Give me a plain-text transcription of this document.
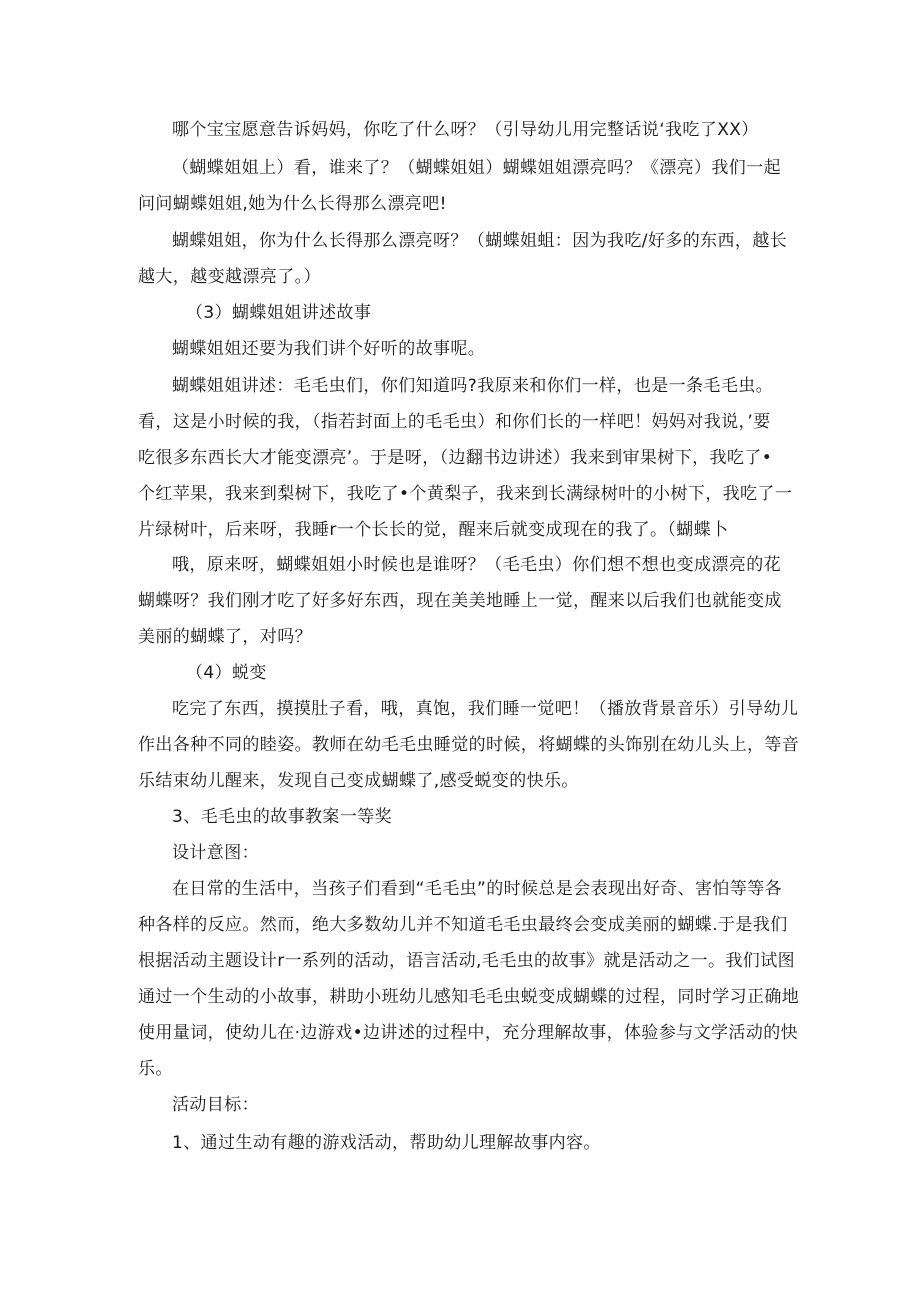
哪个宝宝愿意告诉妈妈，你吃了什么呀？（引导幼儿用完整话说‘我吃了XX）
（蝴蝶姐姐上）看，谁来了？（蝴蝶姐姐）蝴蝶姐姐漂亮吗？《漂亮）我们一起
问问蝴蝶姐姐,她为什么长得那么漂亮吧!
蝴蝶姐姐，你为什么长得那么漂亮呀？（蝴蝶姐蛆：因为我吃/好多的东西，越长
越大，越变越漂亮了。）
（3）蝴蝶姐姐讲述故事
蝴蝶姐姐还要为我们讲个好听的故事呢。
蝴蝶姐姐讲述：毛毛虫们，你们知道吗?我原来和你们一样，也是一条毛毛虫。
看，这是小时候的我，（指若封面上的毛毛虫）和你们长的一样吧！妈妈对我说，’要
吃很多东西长大才能变漂亮’。于是呀，（边翻书边讲述）我来到审果树下，我吃了•
个红苹果，我来到梨树下，我吃了•个黄梨子，我来到长满绿树叶的小树下，我吃了一
片绿树叶，后来呀，我睡r一个长长的觉，醒来后就变成现在的我了。（蝴蝶卜
哦，原来呀，蝴蝶姐姐小时候也是谁呀？（毛毛虫）你们想不想也变成漂亮的花
蝴蝶呀？我们刚才吃了好多好东西，现在美美地睡上一觉，醒来以后我们也就能变成
美丽的蝴蝶了，对吗？
（4）蜕变
吃完了东西，摸摸肚子看，哦，真饱，我们睡一觉吧！（播放背景音乐）引导幼儿
作出各种不同的睦姿。教师在幼毛毛虫睡觉的时候，将蝴蝶的头饰别在幼儿头上，等音
乐结束幼儿醒来，发现自己变成蝴蝶了,感受蜕变的快乐。
3、毛毛虫的故事教案一等奖
设计意图：
在日常的生活中，当孩子们看到“毛毛虫”的时候总是会表现出好奇、害怕等等各
种各样的反应。然而，绝大多数幼儿并不知道毛毛虫最终会变成美丽的蝴蝶.于是我们
根据活动主题设计r一系列的活动，语言活动,毛毛虫的故事》就是活动之一。我们试图
通过一个生动的小故事，耕助小班幼儿感知毛毛虫蜕变成蝴蝶的过程，同时学习正确地
使用量词，使幼儿在·边游戏•边讲述的过程中，充分理解故事，体验参与文学活动的快
乐。
活动目标：
1、通过生动有趣的游戏活动，帮助幼儿理解故事内容。
